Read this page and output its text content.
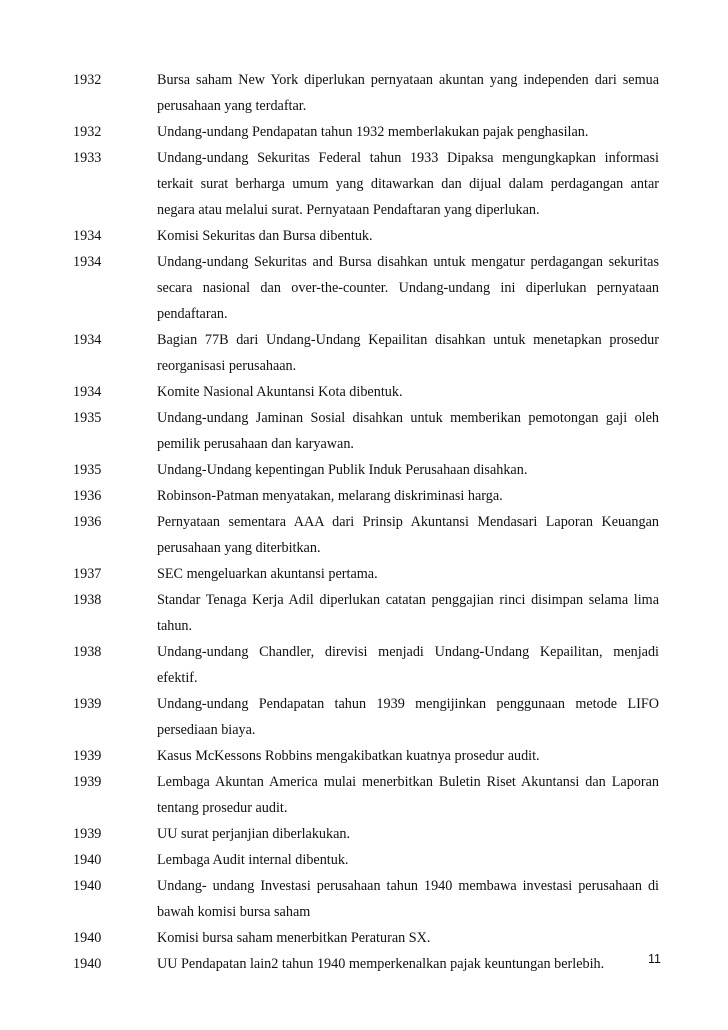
1932	Bursa saham New York diperlukan pernyataan akuntan yang independen dari semua perusahaan yang terdaftar.
1932	Undang-undang Pendapatan tahun 1932 memberlakukan pajak penghasilan.
1933	Undang-undang Sekuritas Federal tahun 1933 Dipaksa mengungkapkan informasi terkait surat berharga umum yang ditawarkan dan dijual dalam perdagangan antar negara atau melalui surat. Pernyataan Pendaftaran yang diperlukan.
1934	Komisi Sekuritas dan Bursa dibentuk.
1934	Undang-undang Sekuritas and Bursa disahkan untuk mengatur perdagangan sekuritas secara nasional dan over-the-counter. Undang-undang ini diperlukan pernyataan pendaftaran.
1934	Bagian 77B dari Undang-Undang Kepailitan disahkan untuk menetapkan prosedur reorganisasi perusahaan.
1934	Komite Nasional Akuntansi Kota dibentuk.
1935	Undang-undang Jaminan Sosial disahkan untuk memberikan pemotongan gaji oleh pemilik perusahaan dan karyawan.
1935	Undang-Undang kepentingan Publik Induk Perusahaan disahkan.
1936	Robinson-Patman menyatakan, melarang diskriminasi harga.
1936	Pernyataan sementara AAA dari Prinsip Akuntansi Mendasari Laporan Keuangan perusahaan yang diterbitkan.
1937	SEC mengeluarkan akuntansi pertama.
1938	Standar Tenaga Kerja Adil diperlukan catatan penggajian rinci disimpan selama lima tahun.
1938	Undang-undang Chandler, direvisi menjadi Undang-Undang Kepailitan, menjadi efektif.
1939	Undang-undang Pendapatan tahun 1939 mengijinkan penggunaan metode LIFO persediaan biaya.
1939	Kasus McKessons Robbins mengakibatkan kuatnya prosedur audit.
1939	Lembaga Akuntan America mulai menerbitkan Buletin Riset Akuntansi dan Laporan tentang prosedur audit.
1939	UU surat perjanjian diberlakukan.
1940	Lembaga Audit internal dibentuk.
1940	Undang- undang Investasi perusahaan tahun 1940 membawa investasi perusahaan di bawah komisi bursa saham
1940	Komisi bursa saham menerbitkan Peraturan SX.
1940	UU Pendapatan lain2 tahun 1940 memperkenalkan pajak keuntungan berlebih.	11
